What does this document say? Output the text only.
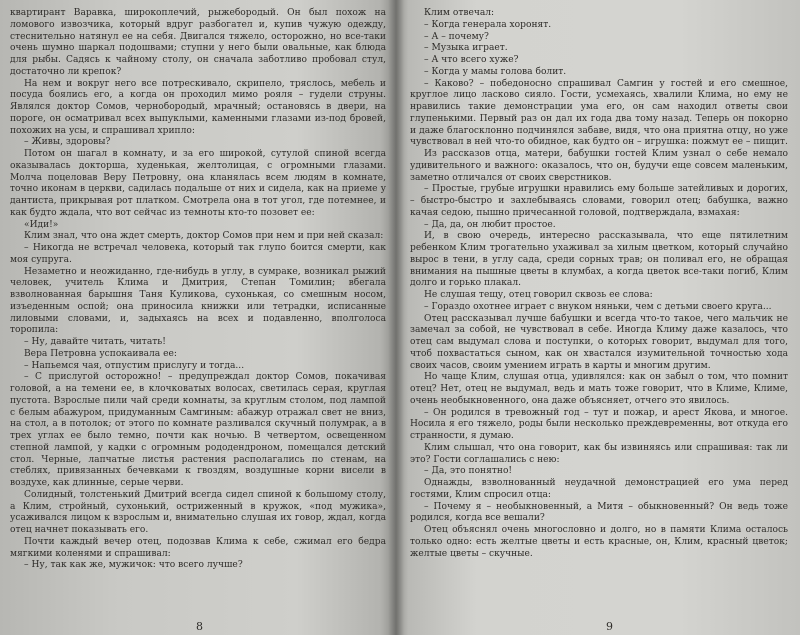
квартирант Варавка, широкоплечий, рыжебородый. Он был похож на ломового извозчика, который вдруг разбогател и, купив чужую одежду, стеснительно натянул ее на себя. Двигался тяжело, осторожно, но все-таки очень шумно шаркал подошвами; ступни у него были овальные, как блюда для рыбы. Садясь к чайному столу, он сначала заботливо пробовал стул, достаточно ли крепок?

На нем и вокруг него все потрескивало, скрипело, тряслось, мебель и посуда боялись его, а когда он проходил мимо рояля – гудели струны. Являлся доктор Сомов, чернобородый, мрачный; остановясь в двери, на пороге, он осматривал всех выпуклыми, каменными глазами из-под бровей, похожих на усы, и спрашивал хрипло:

– Живы, здоровы?

Потом он шагал в комнату, и за его широкой, сутулой спиной всегда оказывалась докторша, худенькая, желтолицая, с огромными глазами. Молча поцеловав Веру Петровну, она кланялась всем людям в комнате, точно иконам в церкви, садилась подальше от них и сидела, как на приеме у дантиста, прикрывая рот платком. Смотрела она в тот угол, где потемнее, и как будто ждала, что вот сейчас из темноты кто-то позовет ее:

«Иди!»

Клим знал, что она ждет смерть, доктор Сомов при нем и при ней сказал:

– Никогда не встречал человека, который так глупо боится смерти, как моя супруга.

Незаметно и неожиданно, где-нибудь в углу, в сумраке, возникал рыжий человек, учитель Клима и Дмитрия, Степан Томилин; вбегала взволнованная барышня Таня Куликова, сухонькая, со смешным носом, изъеденным оспой; она приносила книжки или тетрадки, исписанные лиловыми словами, и, задыхаясь на всех и подавленно, вполголоса торопила:

– Ну, давайте читать, читать!

Вера Петровна успокаивала ее:

– Напьемся чая, отпустим прислугу и тогда...

– С прислугой осторожно! – предупреждал доктор Сомов, покачивая головой, а на темени ее, в клочковатых волосах, светилась серая, круглая пустота. Взрослые пили чай среди комнаты, за круглым столом, под лампой с белым абажуром, придуманным Самгиным: абажур отражал свет не вниз, на стол, а в потолок; от этого по комнате разливался скучный полумрак, а в трех углах ее было темно, почти как ночью. В четвертом, освещенном степной лампой, у кадки с огромным рододендроном, помещался детский стол. Черные, лапчатые листья растения располагались по стенам, на стеблях, привязанных бечевками к гвоздям, воздушные корни висели в воздухе, как длинные, серые черви.

Солидный, толстенький Дмитрий всегда сидел спиной к большому столу, а Клим, стройный, сухонький, остриженный в кружок, «под мужика», усаживался лицом к взрослым и, внимательно слушая их говор, ждал, когда отец начнет показывать его.

Почти каждый вечер отец, подозвав Клима к себе, сжимал его бедра мягкими коленями и спрашивал:

– Ну, так как же, мужичок: что всего лучше?

8

Клим отвечал:

– Когда генерала хоронят.

– А – почему?

– Музыка играет.

– А что всего хуже?

– Когда у мамы голова болит.

– Каково? – победоносно спрашивал Самгин у гостей и его смешное, круглое лицо ласково сияло. Гости, усмехаясь, хвалили Клима, но ему не нравились такие демонстрации ума его, он сам находил ответы свои глупенькими. Первый раз он дал их года два тому назад. Теперь он покорно и даже благосклонно подчинялся забаве, видя, что она приятна отцу, но уже чувствовал в ней что-то обидное, как будто он – игрушка: пожмут ее – пищит.

Из рассказов отца, матери, бабушки гостей Клим узнал о себе немало удивительного и важного: оказалось, что он, будучи еще совсем маленьким, заметно отличался от своих сверстников.

– Простые, грубые игрушки нравились ему больше затейливых и дорогих, – быстро-быстро и захлебываясь словами, говорил отец; бабушка, важно качая седою, пышно причесанной головой, подтверждала, взмахая:

– Да, да, он любит простое.

И, в свою очередь, интересно рассказывала, что еще пятилетним ребенком Клим трогательно ухаживал за хилым цветком, который случайно вырос в тени, в углу сада, среди сорных трав; он поливал его, не обращая внимания на пышные цветы в клумбах, а когда цветок все-таки погиб, Клим долго и горько плакал.

Не слушая тещу, отец говорил сквозь ее слова:

– Гораздо охотнее играет с внуком няньки, чем с детьми своего круга...

Отец рассказывал лучше бабушки и всегда что-то такое, чего мальчик не замечал за собой, не чувствовал в себе. Иногда Климу даже казалось, что отец сам выдумал слова и поступки, о которых говорит, выдумал для того, чтоб похвастаться сыном, как он хвастался изумительной точностью хода своих часов, своим умением играть в карты и многим другим.

Но чаще Клим, слушая отца, удивлялся: как он забыл о том, что помнит отец? Нет, отец не выдумал, ведь и мать тоже говорит, что в Климе, Климе, очень необыкновенного, она даже объясняет, отчего это явилось.

– Он родился в тревожный год – тут и пожар, и арест Якова, и многое. Носила я его тяжело, роды были несколько преждевременны, вот откуда его странности, я думаю.

Клим слышал, что она говорит, как бы извиняясь или спрашивая: так ли это? Гости соглашались с нею:

– Да, это понятно!

Однажды, взволнованный неудачной демонстрацией его ума перед гостями, Клим спросил отца:

– Почему я – необыкновенный, а Митя – обыкновенный? Он ведь тоже родился, когда все вешали?

Отец объяснял очень многословно и долго, но в памяти Клима осталось только одно: есть желтые цветы и есть красные, он, Клим, красный цветок; желтые цветы – скучные.

9
